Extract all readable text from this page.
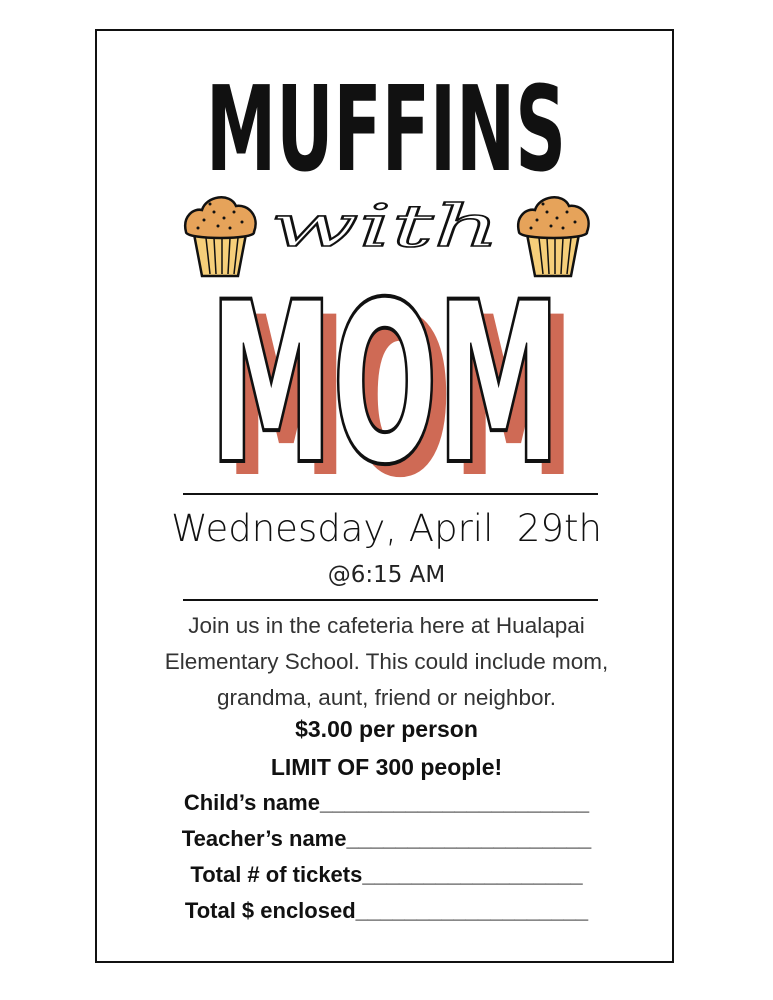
MUFFINS
with
MOM
MOM
MOM
Wednesday, April  29th
@6:15 AM
Join us in the cafeteria here at Hualapai
Elementary School. This could include mom,
grandma, aunt, friend or neighbor.
$3.00 per person
LIMIT OF 300 people!
Child’s name______________________
Teacher’s name____________________
Total # of tickets__________________
Total $ enclosed___________________
